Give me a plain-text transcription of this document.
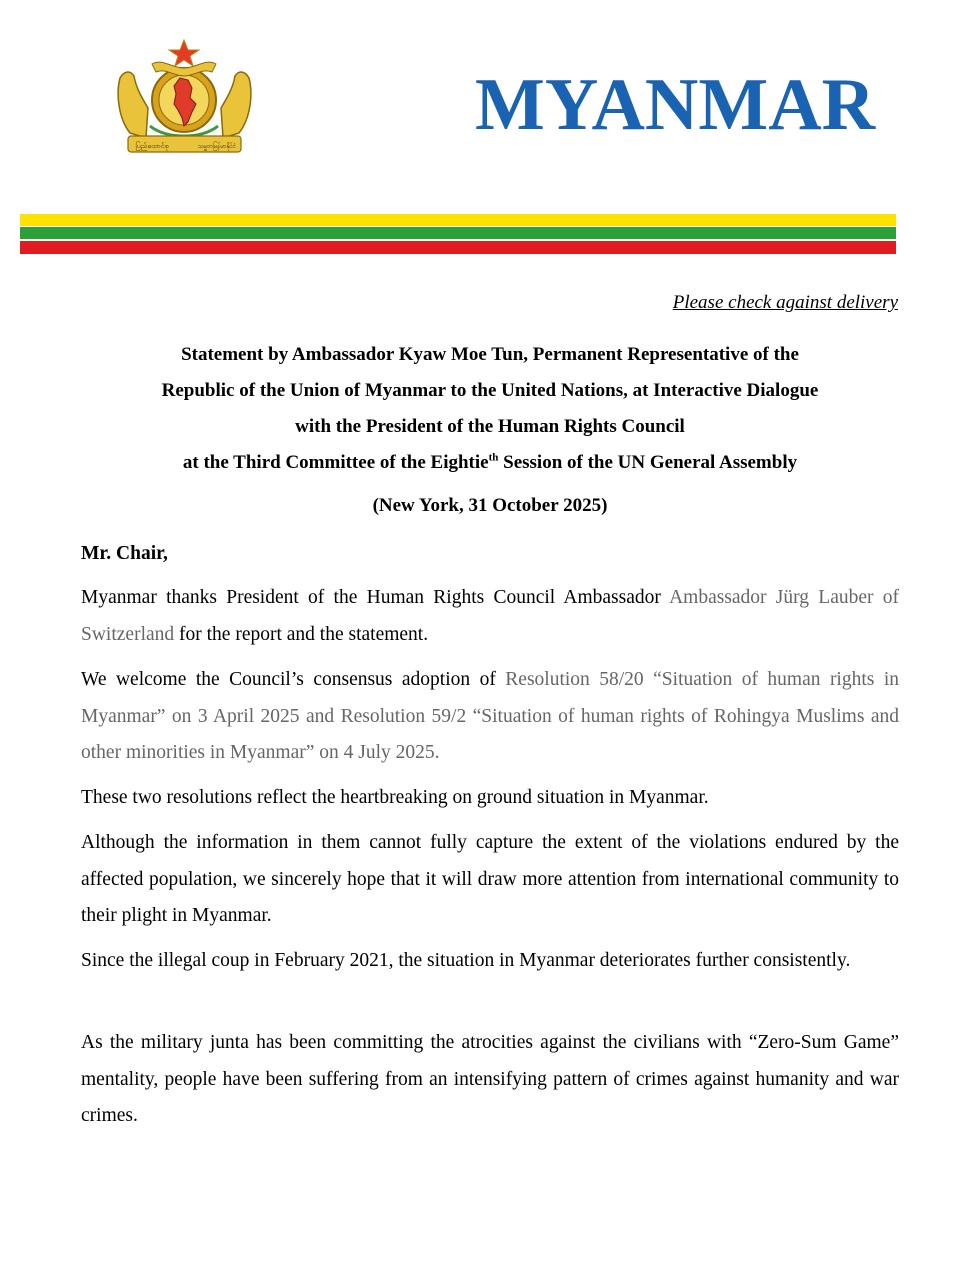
ပြည်ထောင်စု	သမ္မတမြန်မာနိုင်ငံ
MYANMAR
Please check against delivery
Statement by Ambassador Kyaw Moe Tun, Permanent Representative of the
Republic of the Union of Myanmar to the United Nations, at Interactive Dialogue
with the President of the Human Rights Council
at the Third Committee of the Eightie$^{th}$ Session of the UN General Assembly
(New York, 31 October 2025)
Mr. Chair,

Myanmar thanks President of the Human Rights Council Ambassador Ambassador Jürg Lauber of Switzerland for the report and the statement.

We welcome the Council’s consensus adoption of Resolution 58/20 “Situation of human rights in Myanmar” on 3 April 2025 and Resolution 59/2 “Situation of human rights of Rohingya Muslims and other minorities in Myanmar” on 4 July 2025.

These two resolutions reflect the heartbreaking on ground situation in Myanmar.

Although the information in them cannot fully capture the extent of the violations endured by the affected population, we sincerely hope that it will draw more attention from international community to their plight in Myanmar.

Since the illegal coup in February 2021, the situation in Myanmar deteriorates further consistently.

As the military junta has been committing the atrocities against the civilians with “Zero-Sum Game” mentality, people have been suffering from an intensifying pattern of crimes against humanity and war crimes.
